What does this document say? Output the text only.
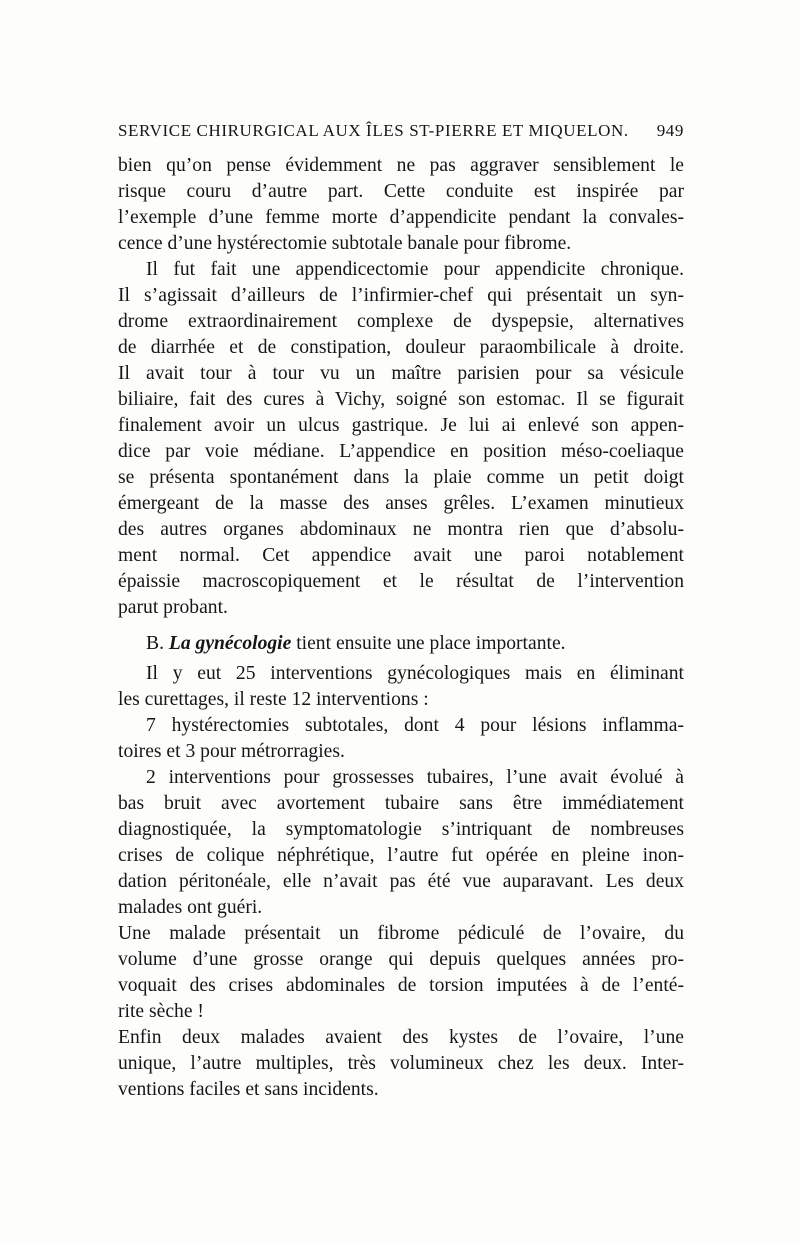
SERVICE CHIRURGICAL AUX ÎLES ST-PIERRE ET MIQUELON. 949
bien qu’on pense évidemment ne pas aggraver sensiblement le
risque couru d’autre part. Cette conduite est inspirée par
l’exemple d’une femme morte d’appendicite pendant la convales-
cence d’une hystérectomie subtotale banale pour fibrome.
Il fut fait une appendicectomie pour appendicite chronique.
Il s’agissait d’ailleurs de l’infirmier-chef qui présentait un syn-
drome extraordinairement complexe de dyspepsie, alternatives
de diarrhée et de constipation, douleur paraombilicale à droite.
Il avait tour à tour vu un maître parisien pour sa vésicule
biliaire, fait des cures à Vichy, soigné son estomac. Il se figurait
finalement avoir un ulcus gastrique. Je lui ai enlevé son appen-
dice par voie médiane. L’appendice en position méso-coeliaque
se présenta spontanément dans la plaie comme un petit doigt
émergeant de la masse des anses grêles. L’examen minutieux
des autres organes abdominaux ne montra rien que d’absolu-
ment normal. Cet appendice avait une paroi notablement
épaissie macroscopiquement et le résultat de l’intervention
parut probant.
B. La gynécologie tient ensuite une place importante.
Il y eut 25 interventions gynécologiques mais en éliminant
les curettages, il reste 12 interventions :
7 hystérectomies subtotales, dont 4 pour lésions inflamma-
toires et 3 pour métrorragies.
2 interventions pour grossesses tubaires, l’une avait évolué à
bas bruit avec avortement tubaire sans être immédiatement
diagnostiquée, la symptomatologie s’intriquant de nombreuses
crises de colique néphrétique, l’autre fut opérée en pleine inon-
dation péritonéale, elle n’avait pas été vue auparavant. Les deux
malades ont guéri.
Une malade présentait un fibrome pédiculé de l’ovaire, du
volume d’une grosse orange qui depuis quelques années pro-
voquait des crises abdominales de torsion imputées à de l’enté-
rite sèche !
Enfin deux malades avaient des kystes de l’ovaire, l’une
unique, l’autre multiples, très volumineux chez les deux. Inter-
ventions faciles et sans incidents.
